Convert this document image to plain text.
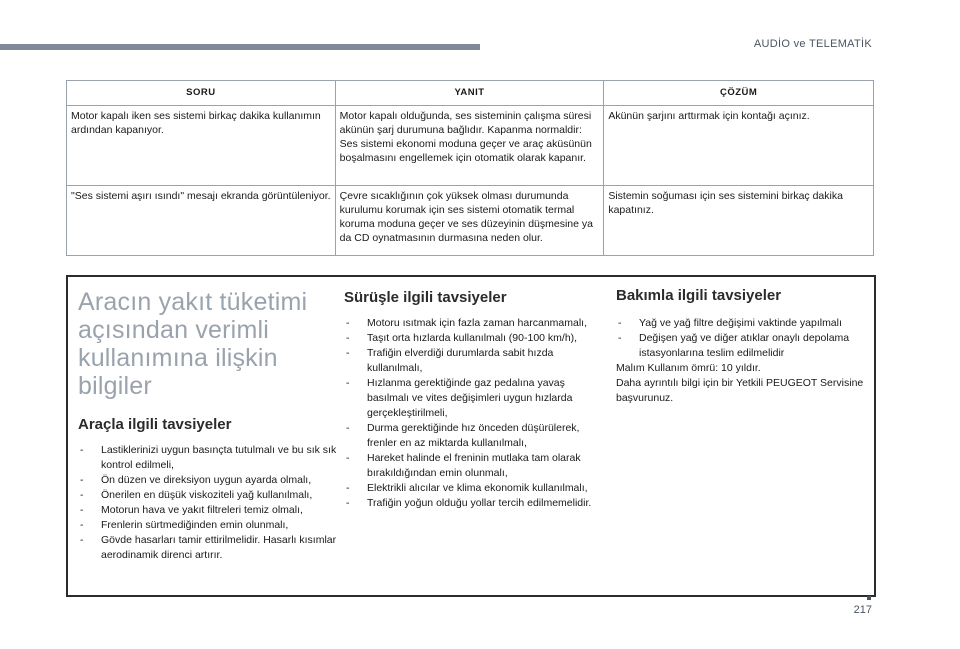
AUDİO ve TELEMATİK
SORU	YANIT	ÇÖZÜM
Motor kapalı iken ses sistemi birkaç dakika kullanımın ardından kapanıyor.	Motor kapalı olduğunda, ses sisteminin çalışma süresi akünün şarj durumuna bağlıdır. Kapanma normaldir: Ses sistemi ekonomi moduna geçer ve araç aküsünün boşalmasını engellemek için otomatik olarak kapanır.	Akünün şarjını arttırmak için kontağı açınız.
"Ses sistemi aşırı ısındı" mesajı ekranda görüntüleniyor.	Çevre sıcaklığının çok yüksek olması durumunda kurulumu korumak için ses sistemi otomatik termal koruma moduna geçer ve ses düzeyinin düşmesine ya da CD oynatmasının durmasına neden olur.	Sistemin soğuması için ses sistemini birkaç dakika kapatınız.
Aracın yakıt tüketimi açısından verimli kullanımına ilişkin bilgiler
Araçla ilgili tavsiyeler
- Lastiklerinizi uygun basınçta tutulmalı ve bu sık sık kontrol edilmeli,
- Ön düzen ve direksiyon uygun ayarda olmalı,
- Önerilen en düşük viskoziteli yağ kullanılmalı,
- Motorun hava ve yakıt filtreleri temiz olmalı,
- Frenlerin sürtmediğinden emin olunmalı,
- Gövde hasarları tamir ettirilmelidir. Hasarlı kısımlar aerodinamik direnci artırır.
Sürüşle ilgili tavsiyeler
- Motoru ısıtmak için fazla zaman harcanmamalı,
- Taşıt orta hızlarda kullanılmalı (90-100 km/h),
- Trafiğin elverdiği durumlarda sabit hızda kullanılmalı,
- Hızlanma gerektiğinde gaz pedalına yavaş basılmalı ve vites değişimleri uygun hızlarda gerçekleştirilmeli,
- Durma gerektiğinde hız önceden düşürülerek, frenler en az miktarda kullanılmalı,
- Hareket halinde el freninin mutlaka tam olarak bırakıldığından emin olunmalı,
- Elektrikli alıcılar ve klima ekonomik kullanılmalı,
- Trafiğin yoğun olduğu yollar tercih edilmemelidir.
Bakımla ilgili tavsiyeler
- Yağ ve yağ filtre değişimi vaktinde yapılmalı
- Değişen yağ ve diğer atıklar onaylı depolama istasyonlarına teslim edilmelidir

Malım Kullanım ömrü: 10 yıldır.

Daha ayrıntılı bilgi için bir Yetkili PEUGEOT Servisine başvurunuz.

217
